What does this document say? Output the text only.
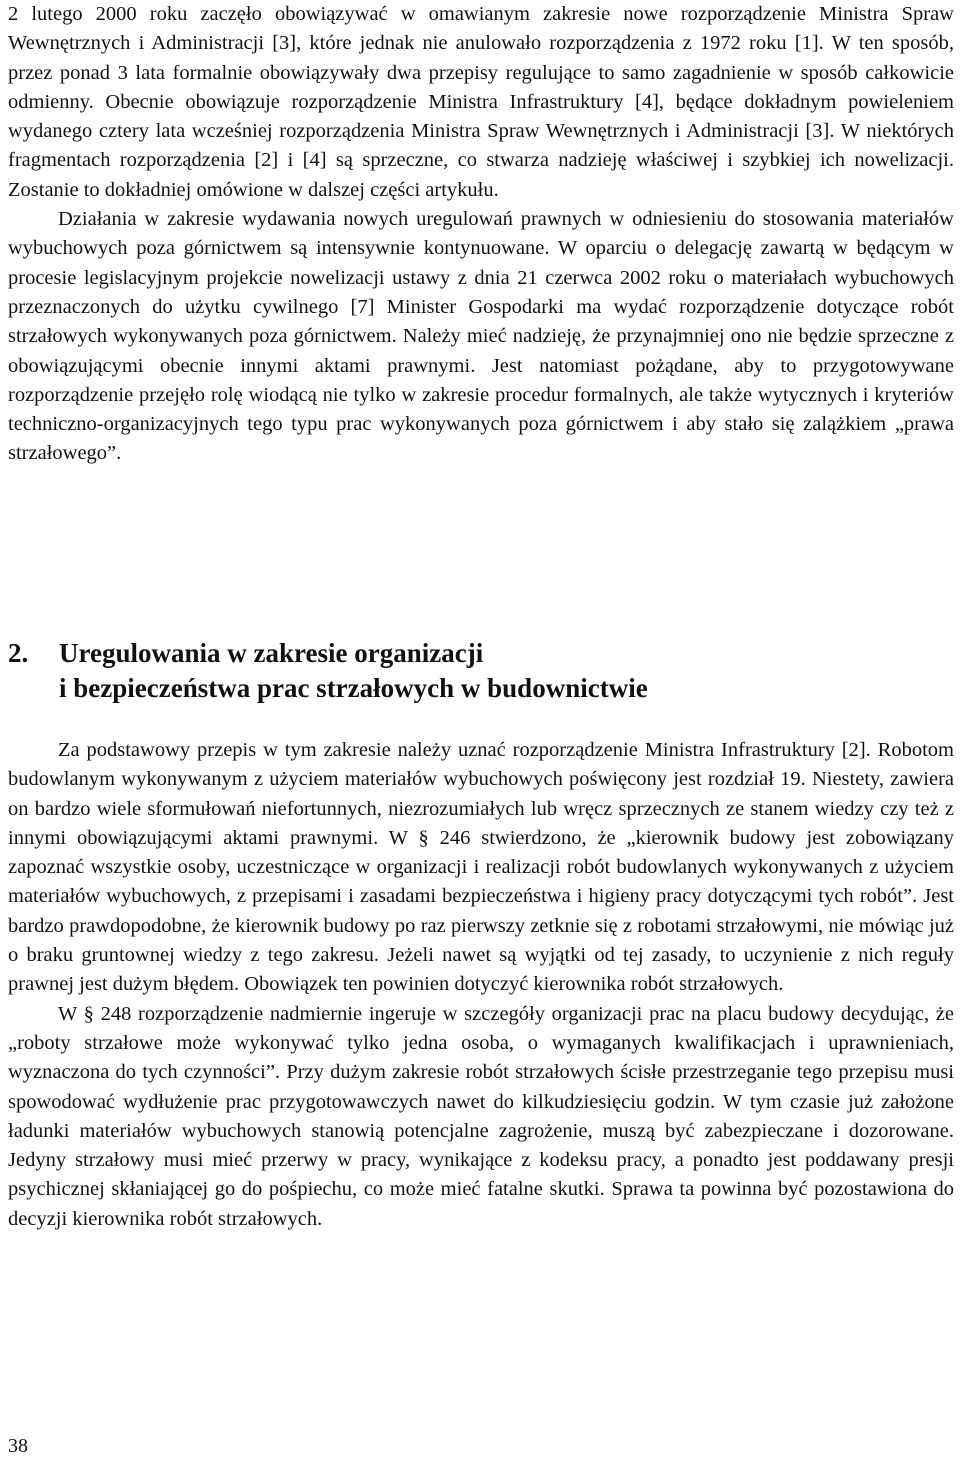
2 lutego 2000 roku zaczęło obowiązywać w omawianym zakresie nowe rozporządzenie Ministra Spraw Wewnętrznych i Administracji [3], które jednak nie anulowało rozporządzenia z 1972 roku [1]. W ten sposób, przez ponad 3 lata formalnie obowiązywały dwa przepisy regulujące to samo zagadnienie w sposób całkowicie odmienny. Obecnie obowiązuje rozporządzenie Ministra Infrastruktury [4], będące dokładnym powieleniem wydanego cztery lata wcześniej rozporządzenia Ministra Spraw Wewnętrznych i Administracji [3]. W niektórych fragmentach rozporządzenia [2] i [4] są sprzeczne, co stwarza nadzieję właściwej i szybkiej ich nowelizacji. Zostanie to dokładniej omówione w dalszej części artykułu.

Działania w zakresie wydawania nowych uregulowań prawnych w odniesieniu do stosowania materiałów wybuchowych poza górnictwem są intensywnie kontynuowane. W oparciu o delegację zawartą w będącym w procesie legislacyjnym projekcie nowelizacji ustawy z dnia 21 czerwca 2002 roku o materiałach wybuchowych przeznaczonych do użytku cywilnego [7] Minister Gospodarki ma wydać rozporządzenie dotyczące robót strzałowych wykonywanych poza górnictwem. Należy mieć nadzieję, że przynajmniej ono nie będzie sprzeczne z obowiązującymi obecnie innymi aktami prawnymi. Jest natomiast pożądane, aby to przygotowywane rozporządzenie przejęło rolę wiodącą nie tylko w zakresie procedur formalnych, ale także wytycznych i kryteriów techniczno-organizacyjnych tego typu prac wykonywanych poza górnictwem i aby stało się zalążkiem „prawa strzałowego”.

2.	Uregulowania w zakresie organizacji
i bezpieczeństwa prac strzałowych w budownictwie

Za podstawowy przepis w tym zakresie należy uznać rozporządzenie Ministra Infrastruktury [2]. Robotom budowlanym wykonywanym z użyciem materiałów wybuchowych poświęcony jest rozdział 19. Niestety, zawiera on bardzo wiele sformułowań niefortunnych, niezrozumiałych lub wręcz sprzecznych ze stanem wiedzy czy też z innymi obowiązującymi aktami prawnymi. W § 246 stwierdzono, że „kierownik budowy jest zobowiązany zapoznać wszystkie osoby, uczestniczące w organizacji i realizacji robót budowlanych wykonywanych z użyciem materiałów wybuchowych, z przepisami i zasadami bezpieczeństwa i higieny pracy dotyczącymi tych robót”. Jest bardzo prawdopodobne, że kierownik budowy po raz pierwszy zetknie się z robotami strzałowymi, nie mówiąc już o braku gruntownej wiedzy z tego zakresu. Jeżeli nawet są wyjątki od tej zasady, to uczynienie z nich reguły prawnej jest dużym błędem. Obowiązek ten powinien dotyczyć kierownika robót strzałowych.

W § 248 rozporządzenie nadmiernie ingeruje w szczegóły organizacji prac na placu budowy decydując, że „roboty strzałowe może wykonywać tylko jedna osoba, o wymaganych kwalifikacjach i uprawnieniach, wyznaczona do tych czynności”. Przy dużym zakresie robót strzałowych ścisłe przestrzeganie tego przepisu musi spowodować wydłużenie prac przygotowawczych nawet do kilkudziesięciu godzin. W tym czasie już założone ładunki materiałów wybuchowych stanowią potencjalne zagrożenie, muszą być zabezpieczane i dozorowane. Jedyny strzałowy musi mieć przerwy w pracy, wynikające z kodeksu pracy, a ponadto jest poddawany presji psychicznej skłaniającej go do pośpiechu, co może mieć fatalne skutki. Sprawa ta powinna być pozostawiona do decyzji kierownika robót strzałowych.

38
